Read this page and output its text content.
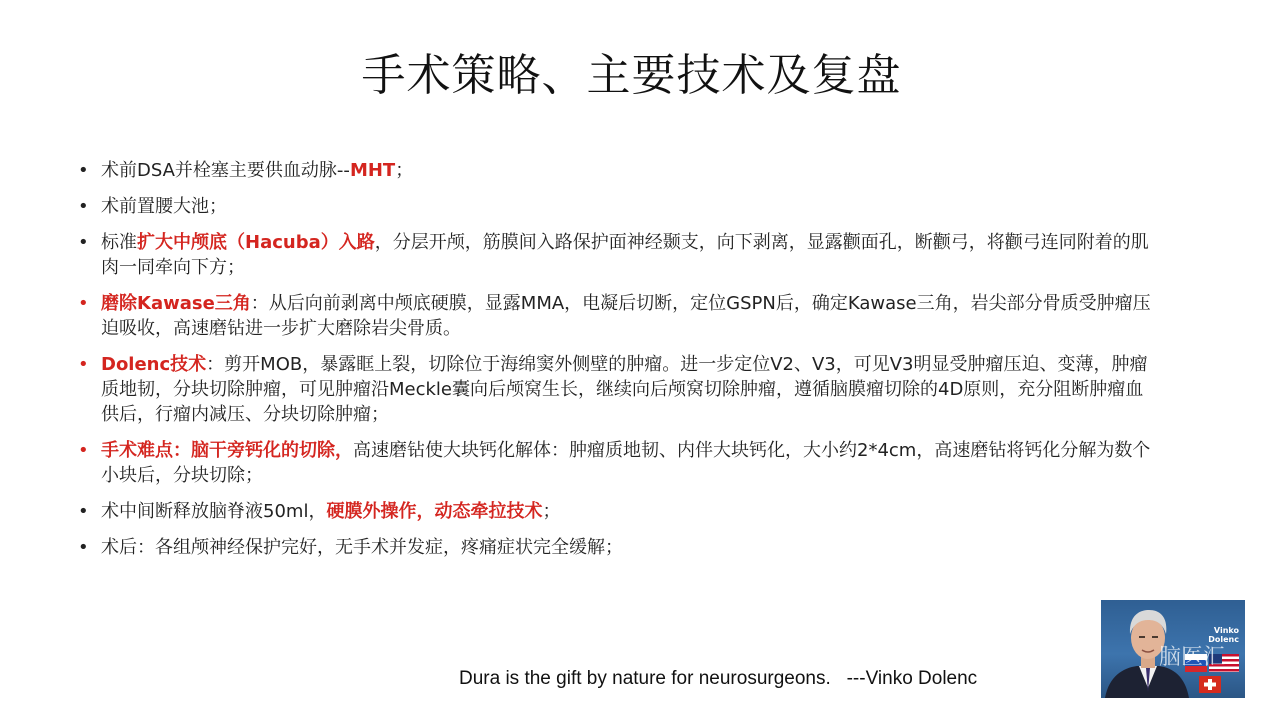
手术策略、主要技术及复盘
• 术前DSA并栓塞主要供血动脉--MHT；
• 术前置腰大池；
• 标准扩大中颅底（Hacuba）入路，分层开颅，筋膜间入路保护面神经颞支，向下剥离，显露颧面孔，断颧弓，将颧弓连同附着的肌肉一同牵向下方；
• 磨除Kawase三角：从后向前剥离中颅底硬膜，显露MMA，电凝后切断，定位GSPN后，确定Kawase三角，岩尖部分骨质受肿瘤压迫吸收，高速磨钻进一步扩大磨除岩尖骨质。
• Dolenc技术：剪开MOB，暴露眶上裂，切除位于海绵窦外侧壁的肿瘤。进一步定位V2、V3，可见V3明显受肿瘤压迫、变薄，肿瘤质地韧，分块切除肿瘤，可见肿瘤沿Meckle囊向后颅窝生长，继续向后颅窝切除肿瘤，遵循脑膜瘤切除的4D原则，充分阻断肿瘤血供后，行瘤内减压、分块切除肿瘤；
• 手术难点：脑干旁钙化的切除，高速磨钻使大块钙化解体：肿瘤质地韧、内伴大块钙化，大小约2*4cm，高速磨钻将钙化分解为数个小块后，分块切除；
• 术中间断释放脑脊液50ml，硬膜外操作，动态牵拉技术；
• 术后：各组颅神经保护完好，无手术并发症，疼痛症状完全缓解；
Dura is the gift by nature for neurosurgeons.   ---Vinko Dolenc
Vinko
Dolenc
脑医汇
